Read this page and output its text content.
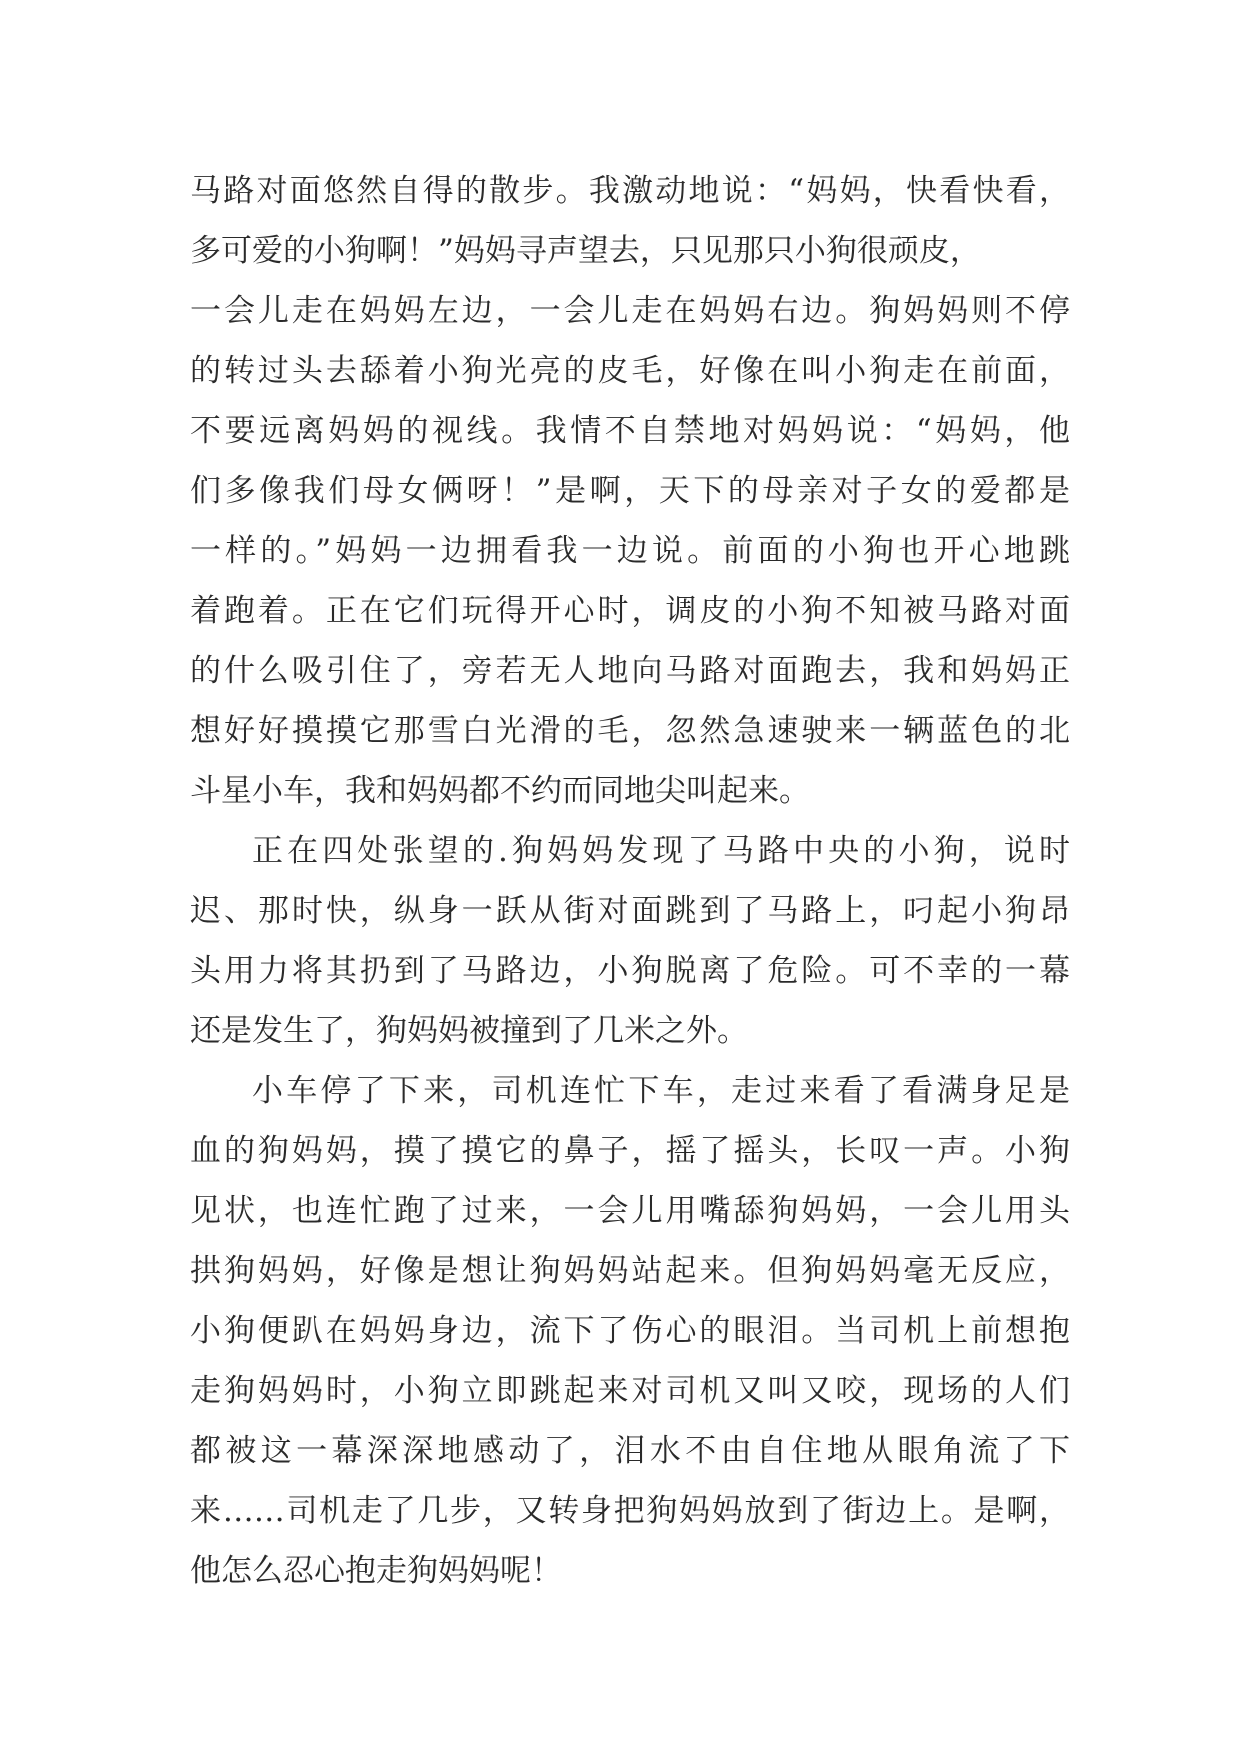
马路对面悠然自得的散步。我激动地说：“妈妈，快看快看，
多可爱的小狗啊！”妈妈寻声望去，只见那只小狗很顽皮，
一会儿走在妈妈左边，一会儿走在妈妈右边。狗妈妈则不停
的转过头去舔着小狗光亮的皮毛，好像在叫小狗走在前面，
不要远离妈妈的视线。我情不自禁地对妈妈说：“妈妈，他
们多像我们母女俩呀！”是啊，天下的母亲对子女的爱都是
一样的。”妈妈一边拥看我一边说。前面的小狗也开心地跳
着跑着。正在它们玩得开心时，调皮的小狗不知被马路对面
的什么吸引住了，旁若无人地向马路对面跑去，我和妈妈正
想好好摸摸它那雪白光滑的毛，忽然急速驶来一辆蓝色的北
斗星小车，我和妈妈都不约而同地尖叫起来。
正在四处张望的.狗妈妈发现了马路中央的小狗，说时
迟、那时快，纵身一跃从街对面跳到了马路上，叼起小狗昂
头用力将其扔到了马路边，小狗脱离了危险。可不幸的一幕
还是发生了，狗妈妈被撞到了几米之外。
小车停了下来，司机连忙下车，走过来看了看满身足是
血的狗妈妈，摸了摸它的鼻子，摇了摇头，长叹一声。小狗
见状，也连忙跑了过来，一会儿用嘴舔狗妈妈，一会儿用头
拱狗妈妈，好像是想让狗妈妈站起来。但狗妈妈毫无反应，
小狗便趴在妈妈身边，流下了伤心的眼泪。当司机上前想抱
走狗妈妈时，小狗立即跳起来对司机又叫又咬，现场的人们
都被这一幕深深地感动了，泪水不由自住地从眼角流了下
来……司机走了几步，又转身把狗妈妈放到了街边上。是啊，
他怎么忍心抱走狗妈妈呢！
